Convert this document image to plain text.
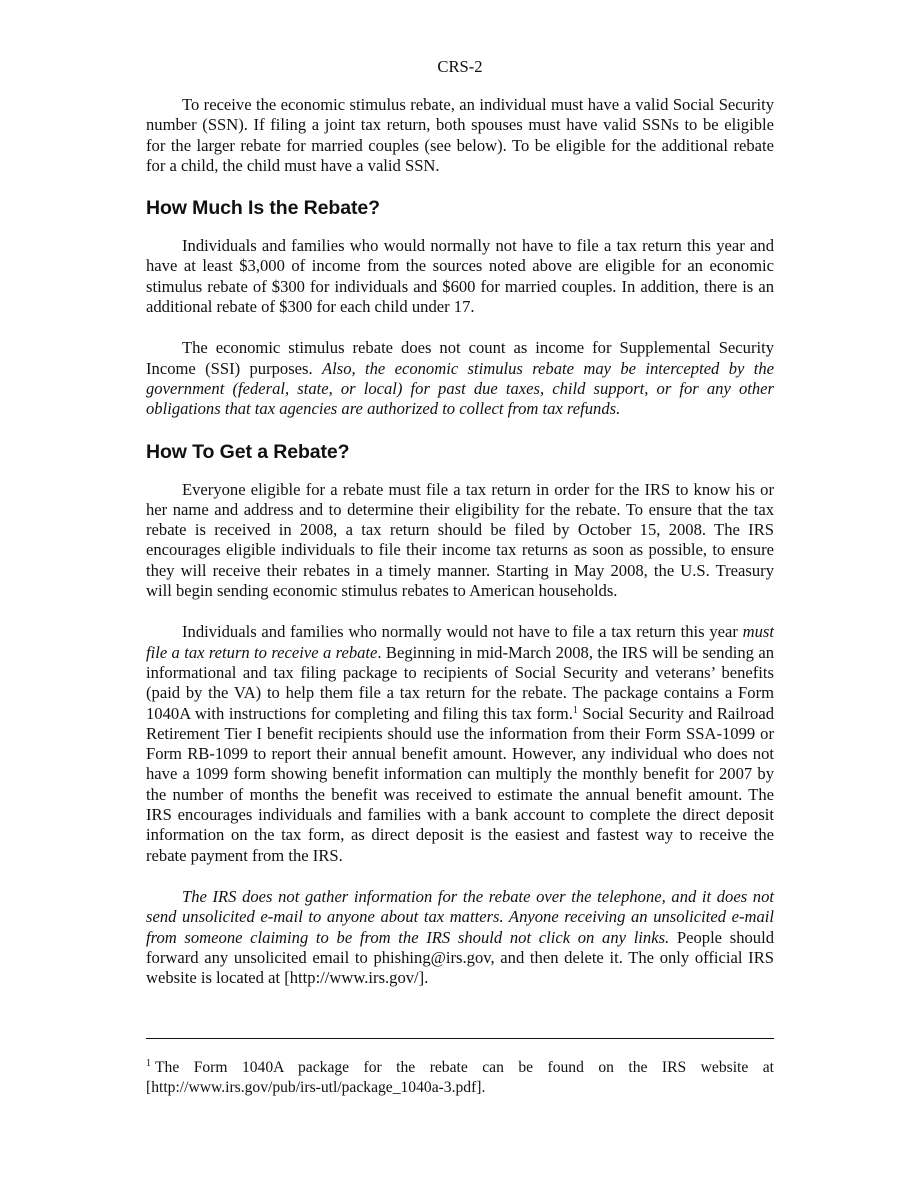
CRS-2

To receive the economic stimulus rebate, an individual must have a valid Social Security number (SSN). If filing a joint tax return, both spouses must have valid SSNs to be eligible for the larger rebate for married couples (see below). To be eligible for the additional rebate for a child, the child must have a valid SSN.

How Much Is the Rebate?

Individuals and families who would normally not have to file a tax return this year and have at least $3,000 of income from the sources noted above are eligible for an economic stimulus rebate of $300 for individuals and $600 for married couples. In addition, there is an additional rebate of $300 for each child under 17.

The economic stimulus rebate does not count as income for Supplemental Security Income (SSI) purposes. Also, the economic stimulus rebate may be intercepted by the government (federal, state, or local) for past due taxes, child support, or for any other obligations that tax agencies are authorized to collect from tax refunds.

How To Get a Rebate?

Everyone eligible for a rebate must file a tax return in order for the IRS to know his or her name and address and to determine their eligibility for the rebate. To ensure that the tax rebate is received in 2008, a tax return should be filed by October 15, 2008. The IRS encourages eligible individuals to file their income tax returns as soon as possible, to ensure they will receive their rebates in a timely manner. Starting in May 2008, the U.S. Treasury will begin sending economic stimulus rebates to American households.

Individuals and families who normally would not have to file a tax return this year must file a tax return to receive a rebate. Beginning in mid-March 2008, the IRS will be sending an informational and tax filing package to recipients of Social Security and veterans’ benefits (paid by the VA) to help them file a tax return for the rebate. The package contains a Form 1040A with instructions for completing and filing this tax form.$^1$ Social Security and Railroad Retirement Tier I benefit recipients should use the information from their Form SSA-1099 or Form RB-1099 to report their annual benefit amount. However, any individual who does not have a 1099 form showing benefit information can multiply the monthly benefit for 2007 by the number of months the benefit was received to estimate the annual benefit amount. The IRS encourages individuals and families with a bank account to complete the direct deposit information on the tax form, as direct deposit is the easiest and fastest way to receive the rebate payment from the IRS.

The IRS does not gather information for the rebate over the telephone, and it does not send unsolicited e-mail to anyone about tax matters. Anyone receiving an unsolicited e-mail from someone claiming to be from the IRS should not click on any links. People should forward any unsolicited email to phishing@irs.gov, and then delete it. The only official IRS website is located at [http://www.irs.gov/].

$^1$ The Form 1040A package for the rebate can be found on the IRS website at [http://www.irs.gov/pub/irs-utl/package_1040a-3.pdf].
